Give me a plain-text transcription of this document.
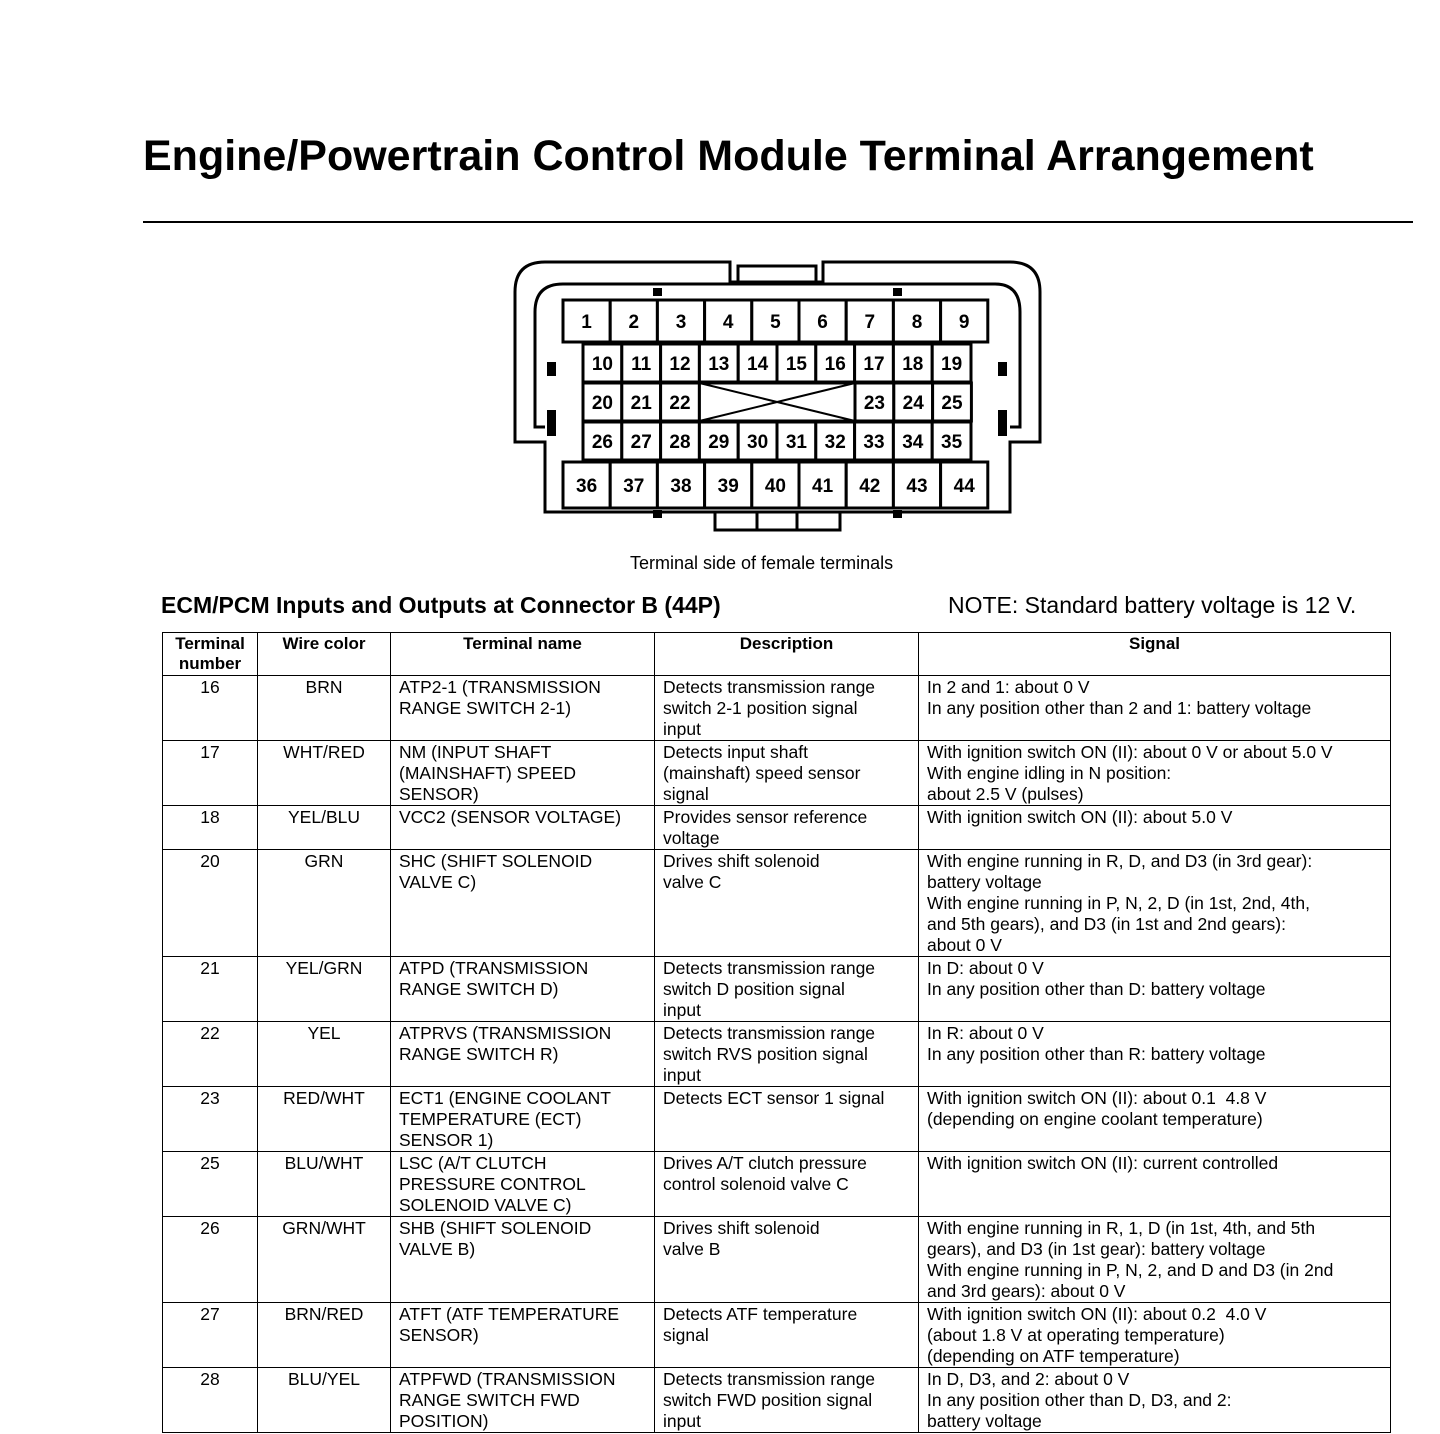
Engine/Powertrain Control Module Terminal Arrangement
1 2 3 4 5 6 7 8 9
10 11 12 13 14 15 16 17 18 19
20 21 22	23 24 25
26 27 28 29 30 31 32 33 34 35
36 37 38 39 40 41 42 43 44
Terminal side of female terminals
ECM/PCM Inputs and Outputs at Connector B (44P)	NOTE: Standard battery voltage is 12 V.
Terminal number	Wire color	Terminal name	Description	Signal
16	BRN	ATP2-1 (TRANSMISSION
RANGE SWITCH 2-1)	Detects transmission range
switch 2-1 position signal
input	In 2 and 1: about 0 V
In any position other than 2 and 1: battery voltage
17	WHT/RED	NM (INPUT SHAFT
(MAINSHAFT) SPEED
SENSOR)	Detects input shaft
(mainshaft) speed sensor
signal	With ignition switch ON (II): about 0 V or about 5.0 V
With engine idling in N position:
about 2.5 V (pulses)
18	YEL/BLU	VCC2 (SENSOR VOLTAGE)	Provides sensor reference
voltage	With ignition switch ON (II): about 5.0 V
20	GRN	SHC (SHIFT SOLENOID
VALVE C)	Drives shift solenoid
valve C	With engine running in R, D, and D3 (in 3rd gear):
battery voltage
With engine running in P, N, 2, D (in 1st, 2nd, 4th,
and 5th gears), and D3 (in 1st and 2nd gears):
about 0 V
21	YEL/GRN	ATPD (TRANSMISSION
RANGE SWITCH D)	Detects transmission range
switch D position signal
input	In D: about 0 V
In any position other than D: battery voltage
22	YEL	ATPRVS (TRANSMISSION
RANGE SWITCH R)	Detects transmission range
switch RVS position signal
input	In R: about 0 V
In any position other than R: battery voltage
23	RED/WHT	ECT1 (ENGINE COOLANT
TEMPERATURE (ECT)
SENSOR 1)	Detects ECT sensor 1 signal	With ignition switch ON (II): about 0.1  4.8 V
(depending on engine coolant temperature)
25	BLU/WHT	LSC (A/T CLUTCH
PRESSURE CONTROL
SOLENOID VALVE C)	Drives A/T clutch pressure
control solenoid valve C	With ignition switch ON (II): current controlled
26	GRN/WHT	SHB (SHIFT SOLENOID
VALVE B)	Drives shift solenoid
valve B	With engine running in R, 1, D (in 1st, 4th, and 5th
gears), and D3 (in 1st gear): battery voltage
With engine running in P, N, 2, and D and D3 (in 2nd
and 3rd gears): about 0 V
27	BRN/RED	ATFT (ATF TEMPERATURE
SENSOR)	Detects ATF temperature
signal	With ignition switch ON (II): about 0.2  4.0 V
(about 1.8 V at operating temperature)
(depending on ATF temperature)
28	BLU/YEL	ATPFWD (TRANSMISSION
RANGE SWITCH FWD
POSITION)	Detects transmission range
switch FWD position signal
input	In D, D3, and 2: about 0 V
In any position other than D, D3, and 2:
battery voltage
